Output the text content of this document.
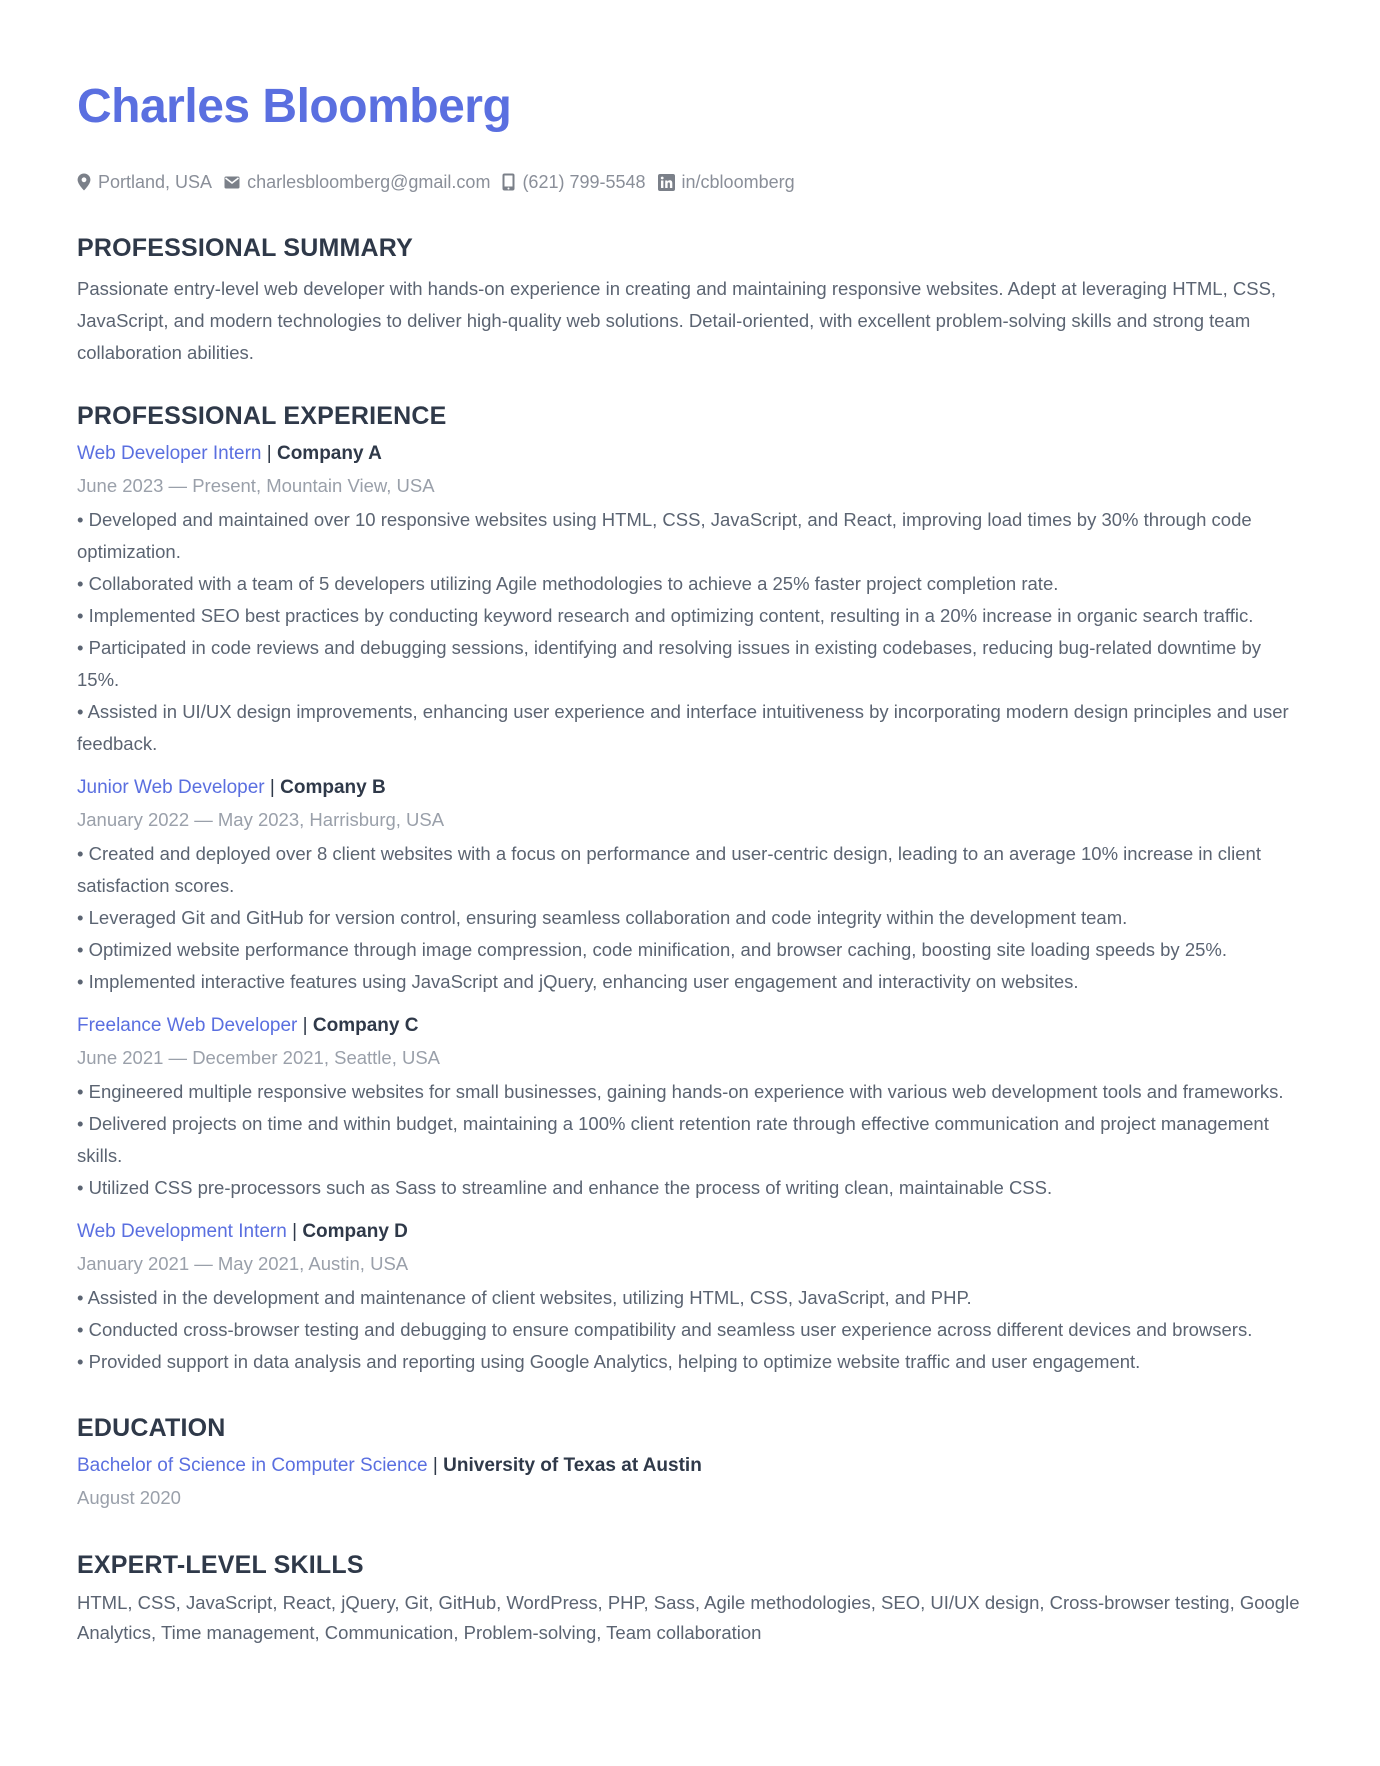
Charles Bloomberg
Portland, USA charlesbloomberg@gmail.com (621) 799-5548 in/cbloomberg
PROFESSIONAL SUMMARY

Passionate entry-level web developer with hands-on experience in creating and maintaining responsive websites. Adept at leveraging HTML, CSS, JavaScript, and modern technologies to deliver high-quality web solutions. Detail-oriented, with excellent problem-solving skills and strong team collaboration abilities.

PROFESSIONAL EXPERIENCE
Web Developer Intern | Company A
June 2023 — Present, Mountain View, USA
• Developed and maintained over 10 responsive websites using HTML, CSS, JavaScript, and React, improving load times by 30% through code optimization.
• Collaborated with a team of 5 developers utilizing Agile methodologies to achieve a 25% faster project completion rate.
• Implemented SEO best practices by conducting keyword research and optimizing content, resulting in a 20% increase in organic search traffic.
• Participated in code reviews and debugging sessions, identifying and resolving issues in existing codebases, reducing bug-related downtime by 15%.
• Assisted in UI/UX design improvements, enhancing user experience and interface intuitiveness by incorporating modern design principles and user feedback.
Junior Web Developer | Company B
January 2022 — May 2023, Harrisburg, USA
• Created and deployed over 8 client websites with a focus on performance and user-centric design, leading to an average 10% increase in client satisfaction scores.
• Leveraged Git and GitHub for version control, ensuring seamless collaboration and code integrity within the development team.
• Optimized website performance through image compression, code minification, and browser caching, boosting site loading speeds by 25%.
• Implemented interactive features using JavaScript and jQuery, enhancing user engagement and interactivity on websites.
Freelance Web Developer | Company C
June 2021 — December 2021, Seattle, USA
• Engineered multiple responsive websites for small businesses, gaining hands-on experience with various web development tools and frameworks.
• Delivered projects on time and within budget, maintaining a 100% client retention rate through effective communication and project management skills.
• Utilized CSS pre-processors such as Sass to streamline and enhance the process of writing clean, maintainable CSS.
Web Development Intern | Company D
January 2021 — May 2021, Austin, USA
• Assisted in the development and maintenance of client websites, utilizing HTML, CSS, JavaScript, and PHP.
• Conducted cross-browser testing and debugging to ensure compatibility and seamless user experience across different devices and browsers.
• Provided support in data analysis and reporting using Google Analytics, helping to optimize website traffic and user engagement.
EDUCATION
Bachelor of Science in Computer Science | University of Texas at Austin
August 2020
EXPERT-LEVEL SKILLS

HTML, CSS, JavaScript, React, jQuery, Git, GitHub, WordPress, PHP, Sass, Agile methodologies, SEO, UI/UX design, Cross-browser testing, Google Analytics, Time management, Communication, Problem-solving, Team collaboration
